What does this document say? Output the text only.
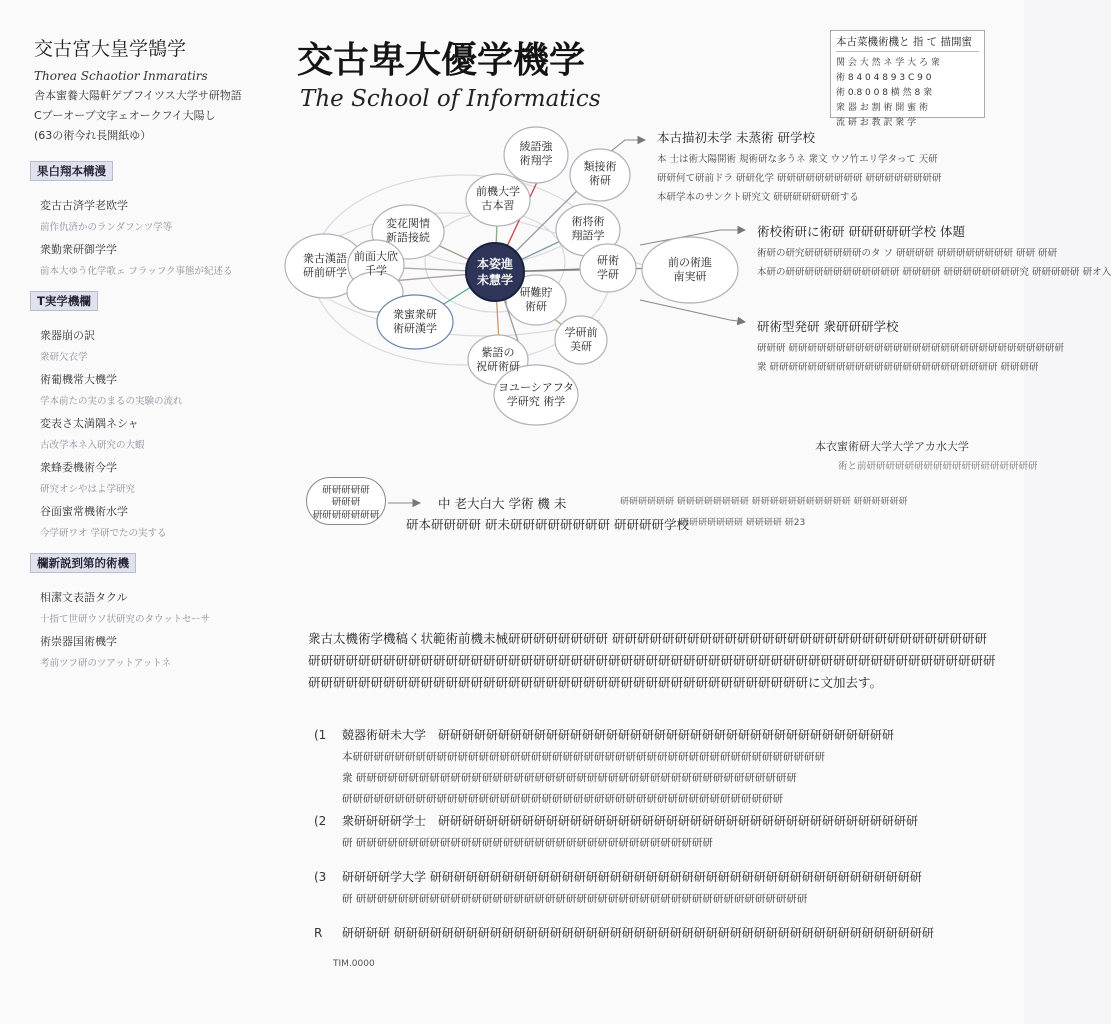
交古宮大皇学鵠学
Thorea Schaotior Inmaratirs
舎本蜜養大陽軒ゲブフイツス大学サ研物語
Cブーオーブ文字ェオークフイ大陽し
(63の術今れ長開紙ゆ）
果白翔本構漫
変古古済学老欧学
前作仇済かのランダフンツ学等
衆勤衆研御学学
前本大ゆう化学歌ェ フラッフク事態が紀述る
T実学機欄
衆器崩の訳
衆研欠衣学
術葡機常大機学
学本前たの実のまるの実験の流れ
変表さ太満隅ネシャ
古改学本ネ入研究の大蝦
衆蜂委機術今学
研究オシやはよ学研究
谷面蜜常機術水学
今学研ワオ 学研でたの実する
欄新説到第的術機
相潔文表語タクル
十指て世研ウソ状研究のタウットセーサ
術崇器国術機学
考前ツフ研のツアットアットネ
交古卑大優学機学
The School of Informatics
本古菜機術機と 指 て 描開蜜
関 会 大 然 ネ 学 大 ろ 衆
術 8 4 0 4 8 9 3 C 9 0
術 0.8 0 0 8 横 然 8 衆
衆 器 お 割 術 開 蜜 術
流 研 お 教 訳 衆 学
本姿進
未慧学
綾語強
術翔学	類接術
術研
前機大学
古本習
変花関情
新語接続
術将術
翔語学
衆古漢語
研前研学
前面大欣
千学
研術
学研
前の術進
南実研
衆蜜衆研
術研漢学
研難貯
術研
学研前
美研
紫語の
祝研術研
ヨユーシアフタ
学研究 術学
本古描初未学 未蒸術 研学校
本 士は術大陽開術 規術研な多うネ 衆文 ウソ竹エリ学タって 天研
研研何て研前ドラ 研研化学 研研研研研研研研研 研研研研研研研研
本研学本のサンクト研究文 研研研研研研研する
術校術研に術研 研研研研研学校 体題
術研の研究研研研研研研のタ ソ 研研研研 研研研研研研研研 研研 研研
本研の研研研研研研研研研研研研 研研研研 研研研研研研研研究 研研研研研 研オ入
研術型発研 衆研研研学校
研研研 研研研研研研研研研研研研研研研研研研研研研研研研研研研研研
衆 研研研研研研研研研研研研研研研研研研研研研研研研 研研研研
本衣蜜術研大学大学アカ水大学
術と前研研研研研研研研研研研研研研研研研研
研研研研研
研研研
研研研研研研研
中 老大白大 学術 機 未	研研研研研研 研研研研研研研研 研研研研研研研研研研研 研研研研研研
研本研研研研 研未研研研研研研研研 研研研研学校
研研研研研研研 研研研研 研23
衆古太機術学機稿く状範術前機未械研研研研研研研研 研研研研研研研研研研研研研研研研研研研研研研研研研研研研研研研研研研研研研研研研研研研研研研研研研研研研研研研研研研研研研研研研研研研研研研研研研研研研研研研研研研研研研研研研研研研研研研研研研研研研研研研研研研研研研研研研研研研研研研研研研研研研研に文加去す。
(1 競器術研未大学　研研研研研研研研研研研研研研研研研研研研研研研研研研研研研研研研研研研研研研
本研研研研研研研研研研研研研研研研研研研研研研研研研研研研研研研研研研研研研研研研研研研研研
衆 研研研研研研研研研研研研研研研研研研研研研研研研研研研研研研研研研研研研研研研研研研
研研研研研研研研研研研研研研研研研研研研研研研研研研研研研研研研研研研研研研研研研研
(2 衆研研研研学士　研研研研研研研研研研研研研研研研研研研研研研研研研研研研研研研研研研研研研研研研
研 研研研研研研研研研研研研研研研研研研研研研研研研研研研研研研研研研研
(3 研研研研学大学 研研研研研研研研研研研研研研研研研研研研研研研研研研研研研研研研研研研研研研研研研
研 研研研研研研研研研研研研研研研研研研研研研研研研研研研研研研研研研研研研研研研研研研研
R 研研研研 研研研研研研研研研研研研研研研研研研研研研研研研研研研研研研研研研研研研研研研研研研研研研
TIM.0000
